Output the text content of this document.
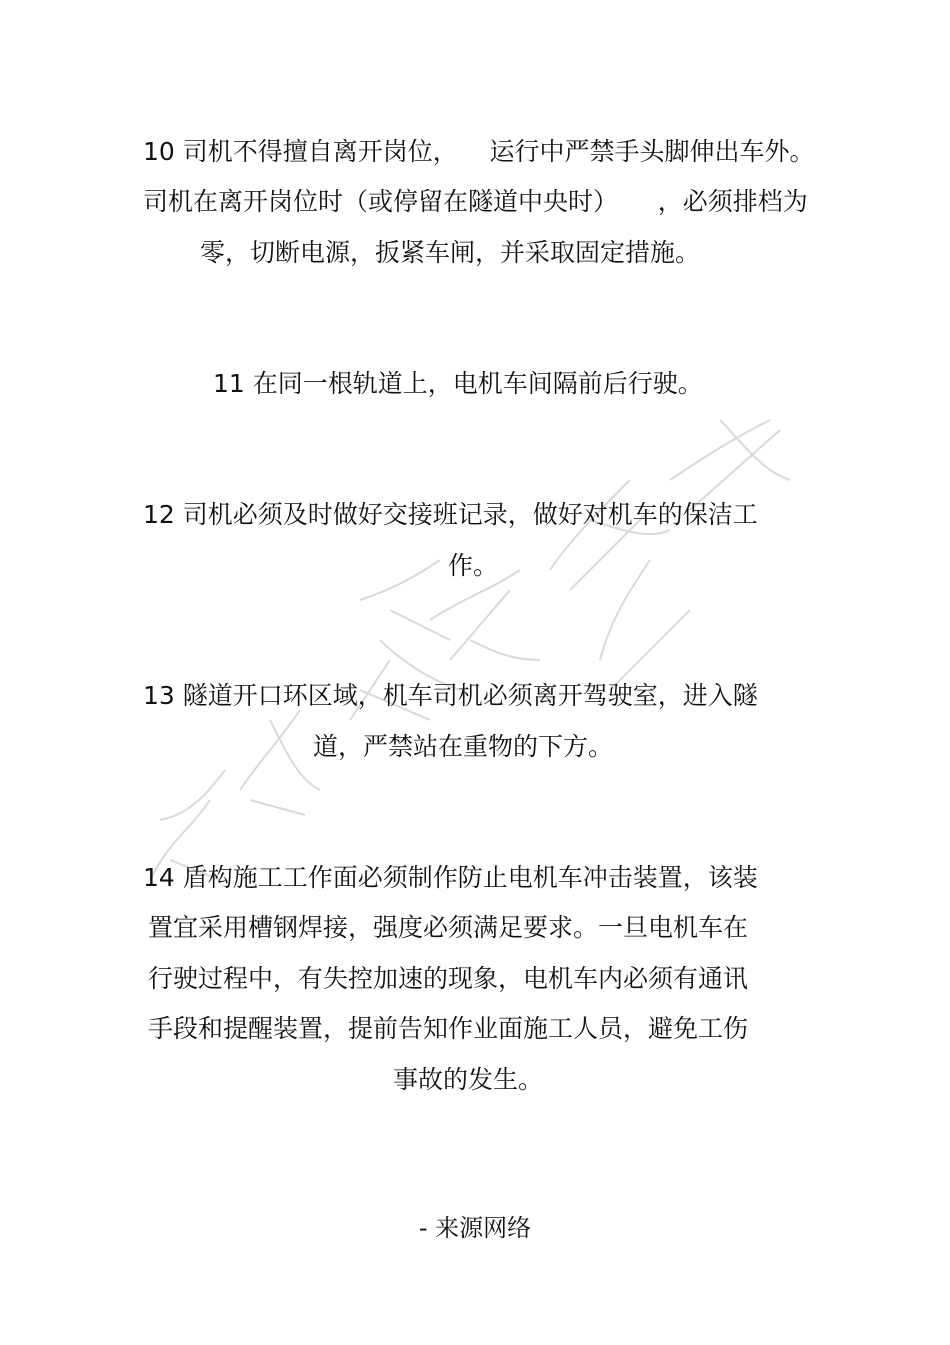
10 司机不得擅自离开岗位，    运行中严禁手头脚伸出车外。
司机在离开岗位时（或停留在隧道中央时）     ，必须排档为
零，切断电源，扳紧车闸，并采取固定措施。
11 在同一根轨道上，电机车间隔前后行驶。
12 司机必须及时做好交接班记录，做好对机车的保洁工
作。
13 隧道开口环区域，机车司机必须离开驾驶室，进入隧
道，严禁站在重物的下方。
14 盾构施工工作面必须制作防止电机车冲击装置，该装
置宜采用槽钢焊接，强度必须满足要求。一旦电机车在
行驶过程中，有失控加速的现象，电机车内必须有通讯
手段和提醒装置，提前告知作业面施工人员，避免工伤
事故的发生。
- 来源网络
